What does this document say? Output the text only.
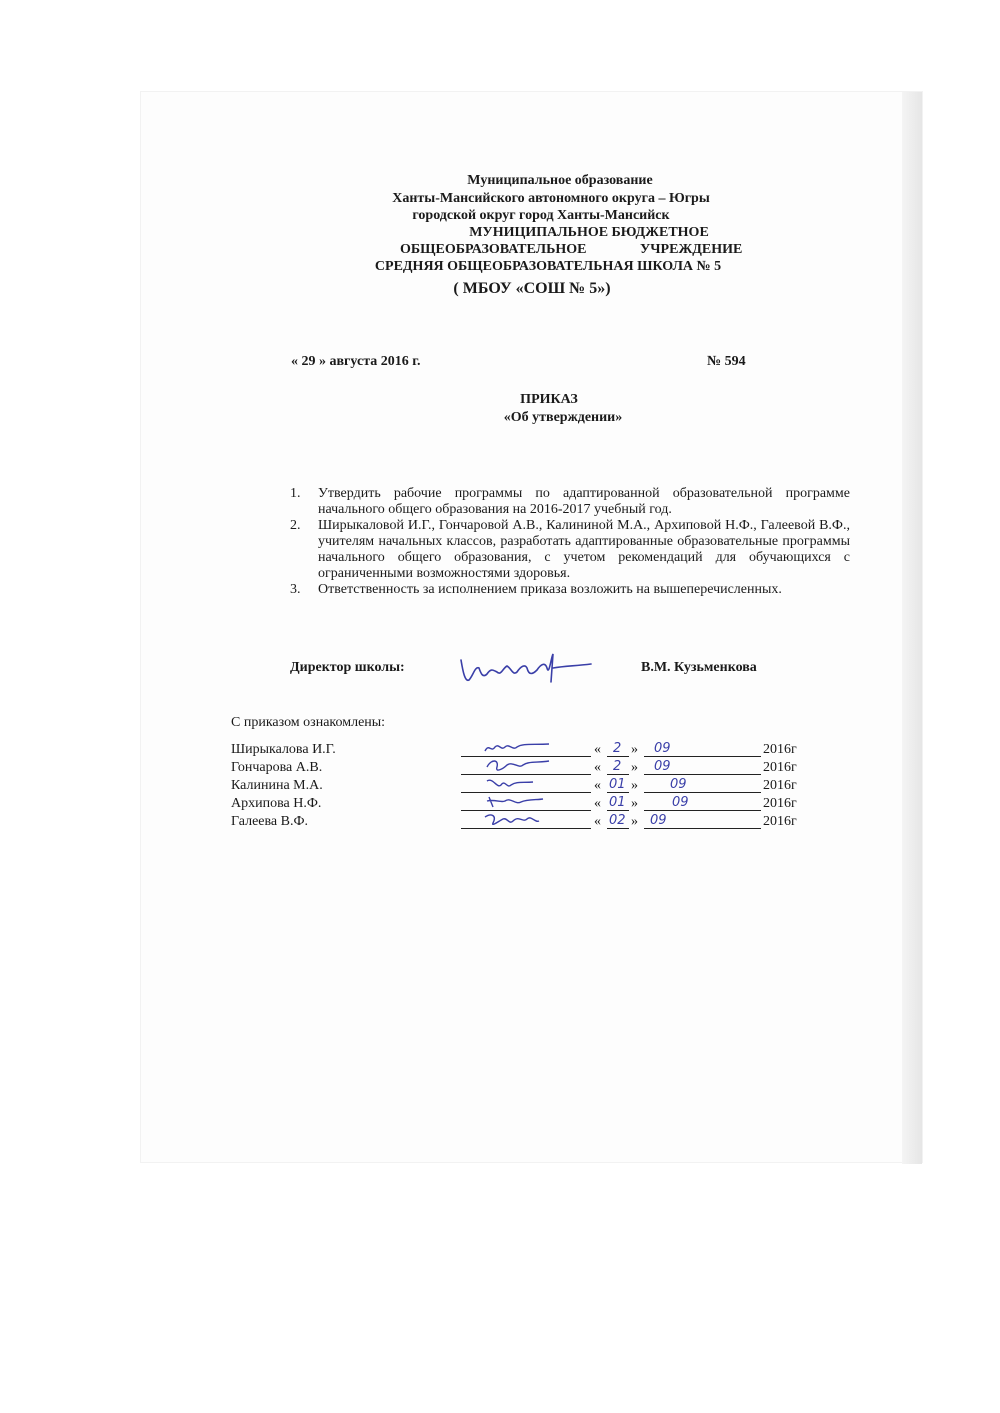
Муниципальное образование
Ханты-Мансийского автономного округа – Югры
городской округ город Ханты-Мансийск
МУНИЦИПАЛЬНОЕ БЮДЖЕТНОЕ
ОБЩЕОБРАЗОВАТЕЛЬНОЕ	УЧРЕЖДЕНИЕ
СРЕДНЯЯ ОБЩЕОБРАЗОВАТЕЛЬНАЯ ШКОЛА № 5
( МБОУ «СОШ № 5»)
« 29 » августа 2016 г.	№ 594
ПРИКАЗ
«Об утверждении»
1. Утвердить рабочие программы по адаптированной образовательной программе начального общего образования на 2016-2017 учебный год.
2. Ширыкаловой И.Г., Гончаровой А.В., Калининой М.А., Архиповой Н.Ф., Галеевой В.Ф., учителям начальных классов, разработать адаптированные образовательные программы начального общего образования, с учетом рекомендаций для обучающихся с ограниченными возможностями здоровья.
3. Ответственность за исполнением приказа возложить на вышеперечисленных.
Директор школы:	В.М. Кузьменкова
С приказом ознакомлены:
Ширыкалова И.Г.	« 2 » 09	2016г
Гончарова А.В.	« 2 » 09	2016г
Калинина М.А.	« 01 » 09	2016г
Архипова Н.Ф.	« 01 »	09	2016г
Галеева В.Ф.	« 02 » 09	2016г
